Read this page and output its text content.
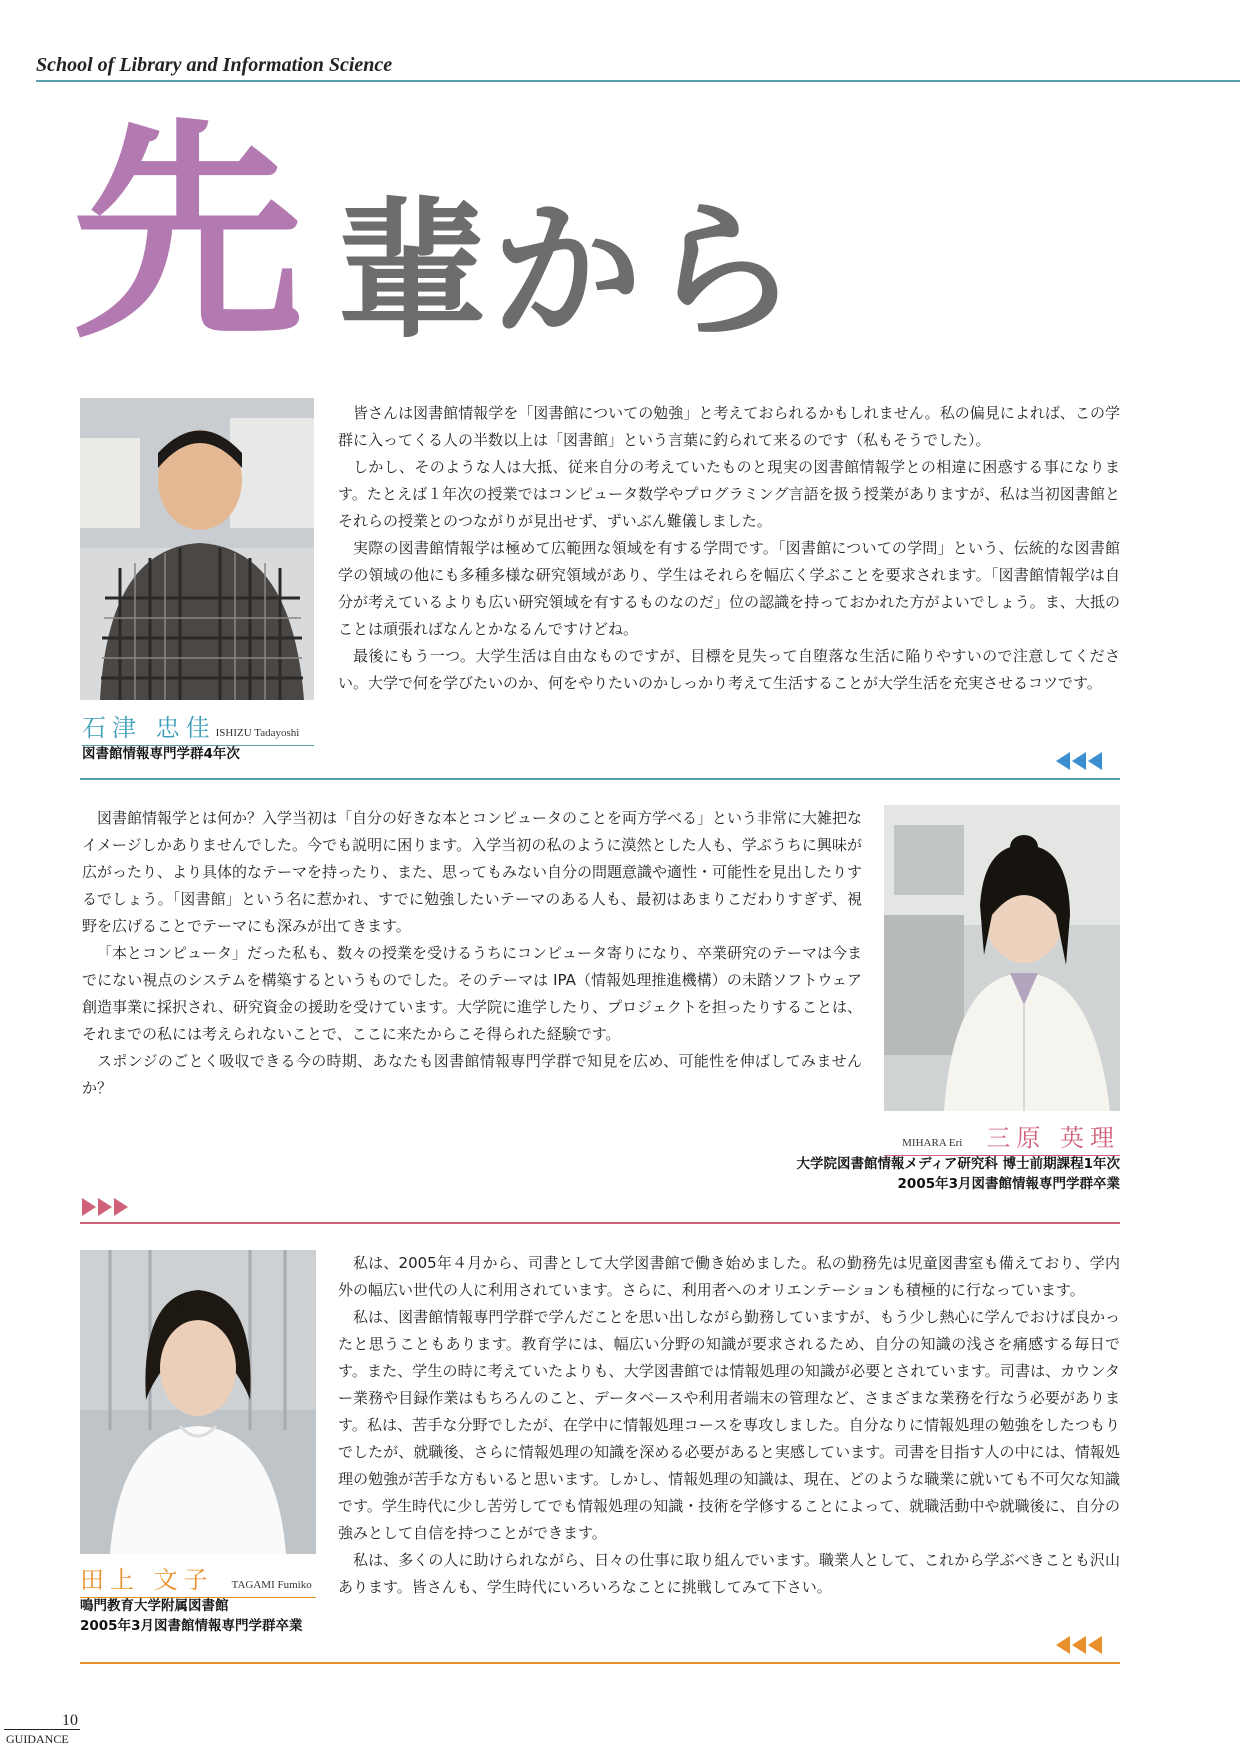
School of Library and Information Science
先 輩から

皆さんは図書館情報学を「図書館についての勉強」と考えておられるかもしれません。私の偏見によれば、この学群に入ってくる人の半数以上は「図書館」という言葉に釣られて来るのです（私もそうでした）。

しかし、そのような人は大抵、従来自分の考えていたものと現実の図書館情報学との相違に困惑する事になります。たとえば１年次の授業ではコンピュータ数学やプログラミング言語を扱う授業がありますが、私は当初図書館とそれらの授業とのつながりが見出せず、ずいぶん難儀しました。

実際の図書館情報学は極めて広範囲な領域を有する学問です。「図書館についての学問」という、伝統的な図書館学の領域の他にも多種多様な研究領域があり、学生はそれらを幅広く学ぶことを要求されます。「図書館情報学は自分が考えているよりも広い研究領域を有するものなのだ」位の認識を持っておかれた方がよいでしょう。ま、大抵のことは頑張ればなんとかなるんですけどね。

最後にもう一つ。大学生活は自由なものですが、目標を見失って自堕落な生活に陥りやすいので注意してください。大学で何を学びたいのか、何をやりたいのかしっかり考えて生活することが大学生活を充実させるコツです。

石津 忠佳ISHIZU Tadayoshi
図書館情報専門学群4年次

図書館情報学とは何か？入学当初は「自分の好きな本とコンピュータのことを両方学べる」という非常に大雑把なイメージしかありませんでした。今でも説明に困ります。入学当初の私のように漠然とした人も、学ぶうちに興味が広がったり、より具体的なテーマを持ったり、また、思ってもみない自分の問題意識や適性・可能性を見出したりするでしょう。「図書館」という名に惹かれ、すでに勉強したいテーマのある人も、最初はあまりこだわりすぎず、視野を広げることでテーマにも深みが出てきます。

「本とコンピュータ」だった私も、数々の授業を受けるうちにコンピュータ寄りになり、卒業研究のテーマは今までにない視点のシステムを構築するというものでした。そのテーマは IPA（情報処理推進機構）の未踏ソフトウェア創造事業に採択され、研究資金の援助を受けています。大学院に進学したり、プロジェクトを担ったりすることは、それまでの私には考えられないことで、ここに来たからこそ得られた経験です。

スポンジのごとく吸収できる今の時期、あなたも図書館情報専門学群で知見を広め、可能性を伸ばしてみませんか？

MIHARA Eri 三原 英理
大学院図書館情報メディア研究科 博士前期課程1年次
2005年3月図書館情報専門学群卒業

私は、2005年４月から、司書として大学図書館で働き始めました。私の勤務先は児童図書室も備えており、学内外の幅広い世代の人に利用されています。さらに、利用者へのオリエンテーションも積極的に行なっています。

私は、図書館情報専門学群で学んだことを思い出しながら勤務していますが、もう少し熱心に学んでおけば良かったと思うこともあります。教育学には、幅広い分野の知識が要求されるため、自分の知識の浅さを痛感する毎日です。また、学生の時に考えていたよりも、大学図書館では情報処理の知識が必要とされています。司書は、カウンター業務や目録作業はもちろんのこと、データベースや利用者端末の管理など、さまざまな業務を行なう必要があります。私は、苦手な分野でしたが、在学中に情報処理コースを専攻しました。自分なりに情報処理の勉強をしたつもりでしたが、就職後、さらに情報処理の知識を深める必要があると実感しています。司書を目指す人の中には、情報処理の勉強が苦手な方もいると思います。しかし、情報処理の知識は、現在、どのような職業に就いても不可欠な知識です。学生時代に少し苦労してでも情報処理の知識・技術を学修することによって、就職活動中や就職後に、自分の強みとして自信を持つことができます。

私は、多くの人に助けられながら、日々の仕事に取り組んでいます。職業人として、これから学ぶべきことも沢山あります。皆さんも、学生時代にいろいろなことに挑戦してみて下さい。

田上 文子 TAGAMI Fumiko
鳴門教育大学附属図書館
2005年3月図書館情報専門学群卒業
10
GUIDANCE
